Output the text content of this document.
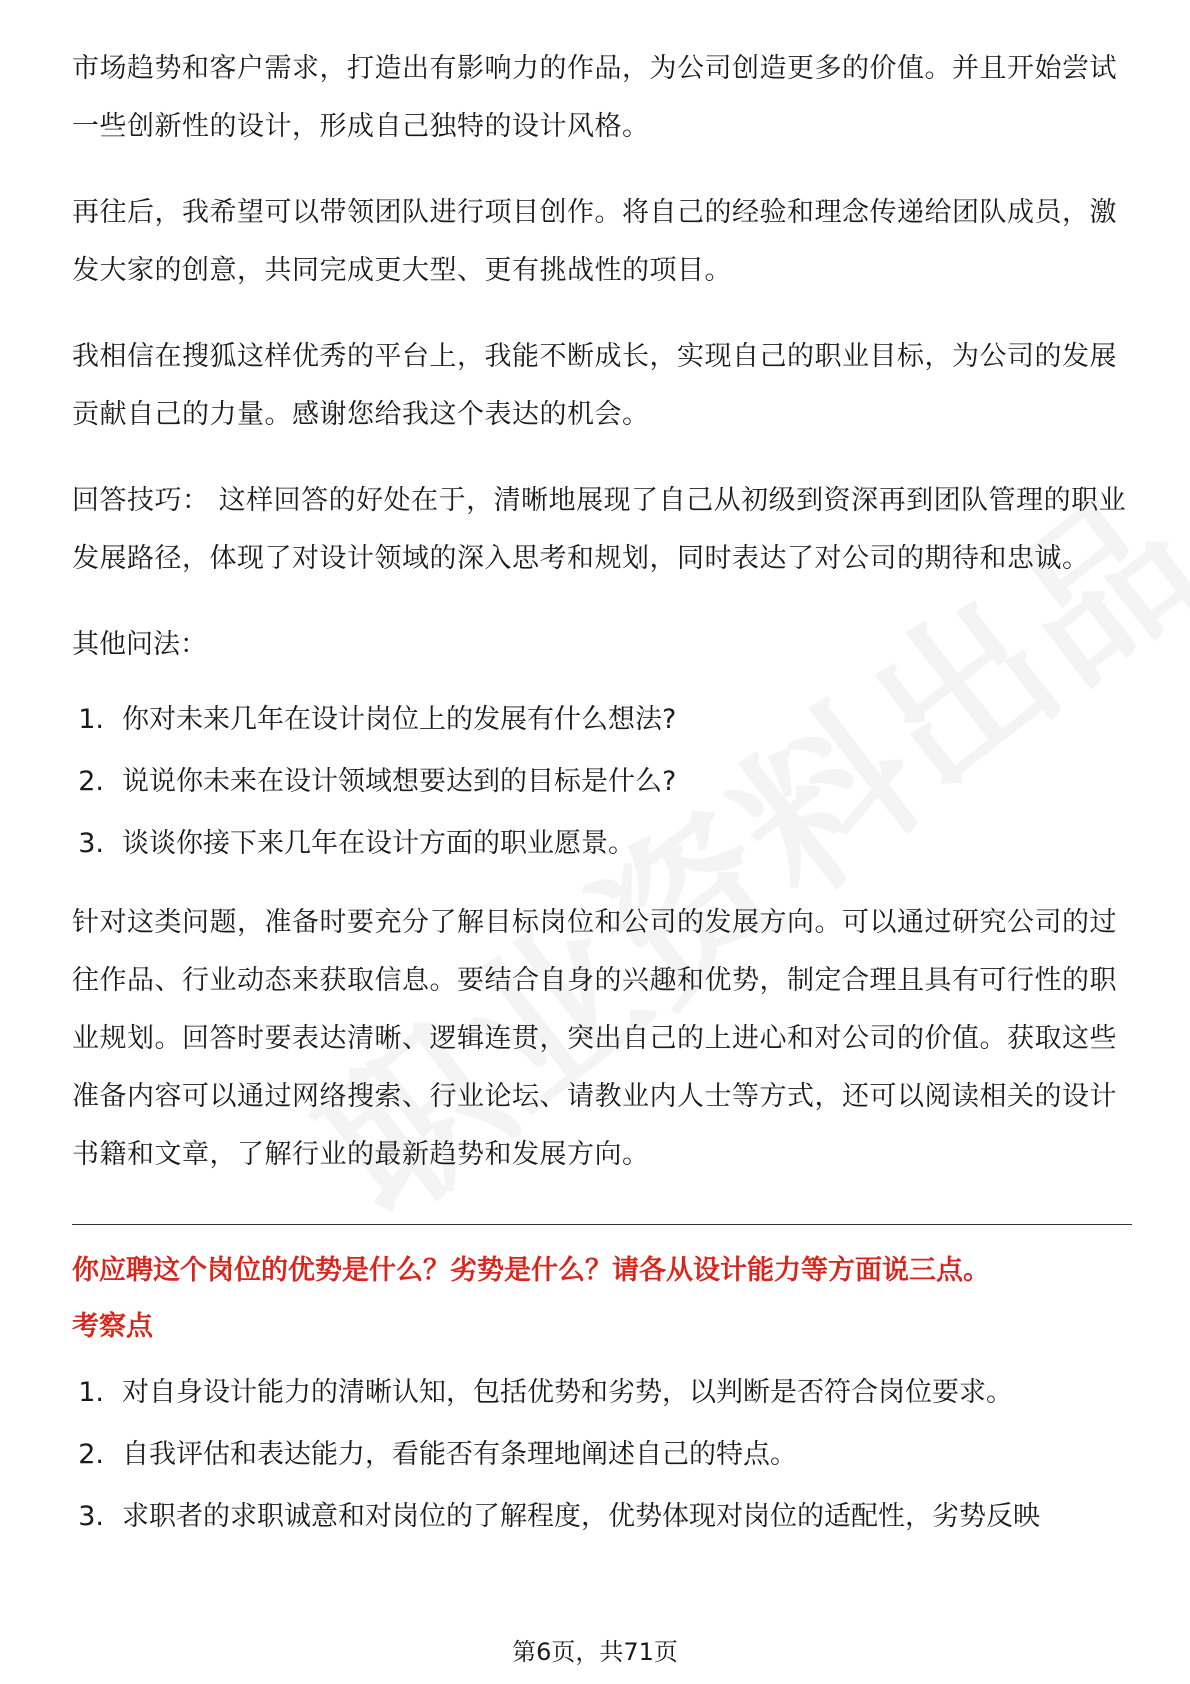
市场趋势和客户需求，打造出有影响力的作品，为公司创造更多的价值。并且开始尝试一些创新性的设计，形成自己独特的设计风格。

再往后，我希望可以带领团队进行项目创作。将自己的经验和理念传递给团队成员，激发大家的创意，共同完成更大型、更有挑战性的项目。

我相信在搜狐这样优秀的平台上，我能不断成长，实现自己的职业目标，为公司的发展贡献自己的力量。感谢您给我这个表达的机会。

回答技巧： 这样回答的好处在于，清晰地展现了自己从初级到资深再到团队管理的职业发展路径，体现了对设计领域的深入思考和规划，同时表达了对公司的期待和忠诚。

其他问法：

1. 你对未来几年在设计岗位上的发展有什么想法?
2. 说说你未来在设计领域想要达到的目标是什么?
3. 谈谈你接下来几年在设计方面的职业愿景。

针对这类问题，准备时要充分了解目标岗位和公司的发展方向。可以通过研究公司的过往作品、行业动态来获取信息。要结合自身的兴趣和优势，制定合理且具有可行性的职业规划。回答时要表达清晰、逻辑连贯，突出自己的上进心和对公司的价值。获取这些准备内容可以通过网络搜索、行业论坛、请教业内人士等方式，还可以阅读相关的设计书籍和文章，了解行业的最新趋势和发展方向。

你应聘这个岗位的优势是什么？劣势是什么？请各从设计能力等方面说三点。

考察点

1. 对自身设计能力的清晰认知，包括优势和劣势，以判断是否符合岗位要求。
2. 自我评估和表达能力，看能否有条理地阐述自己的特点。
3. 求职者的求职诚意和对岗位的了解程度，优势体现对岗位的适配性，劣势反映
第6页，共71页
